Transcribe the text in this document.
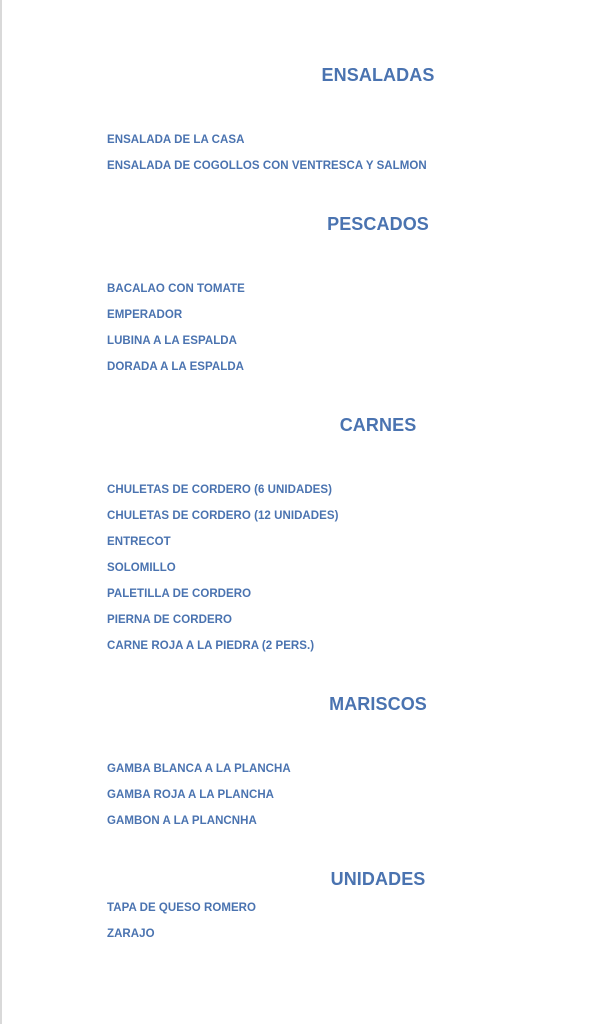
ENSALADAS

ENSALADA DE LA CASA

ENSALADA DE COGOLLOS CON VENTRESCA Y SALMON

PESCADOS

BACALAO CON TOMATE

EMPERADOR

LUBINA A LA ESPALDA

DORADA A LA ESPALDA

CARNES

CHULETAS DE CORDERO (6 UNIDADES)

CHULETAS DE CORDERO (12 UNIDADES)

ENTRECOT

SOLOMILLO

PALETILLA DE CORDERO

PIERNA DE CORDERO

CARNE ROJA A LA PIEDRA (2 PERS.)

MARISCOS

GAMBA BLANCA A LA PLANCHA

GAMBA ROJA A LA PLANCHA

GAMBON A LA PLANCNHA

UNIDADES

TAPA DE QUESO ROMERO

ZARAJO
